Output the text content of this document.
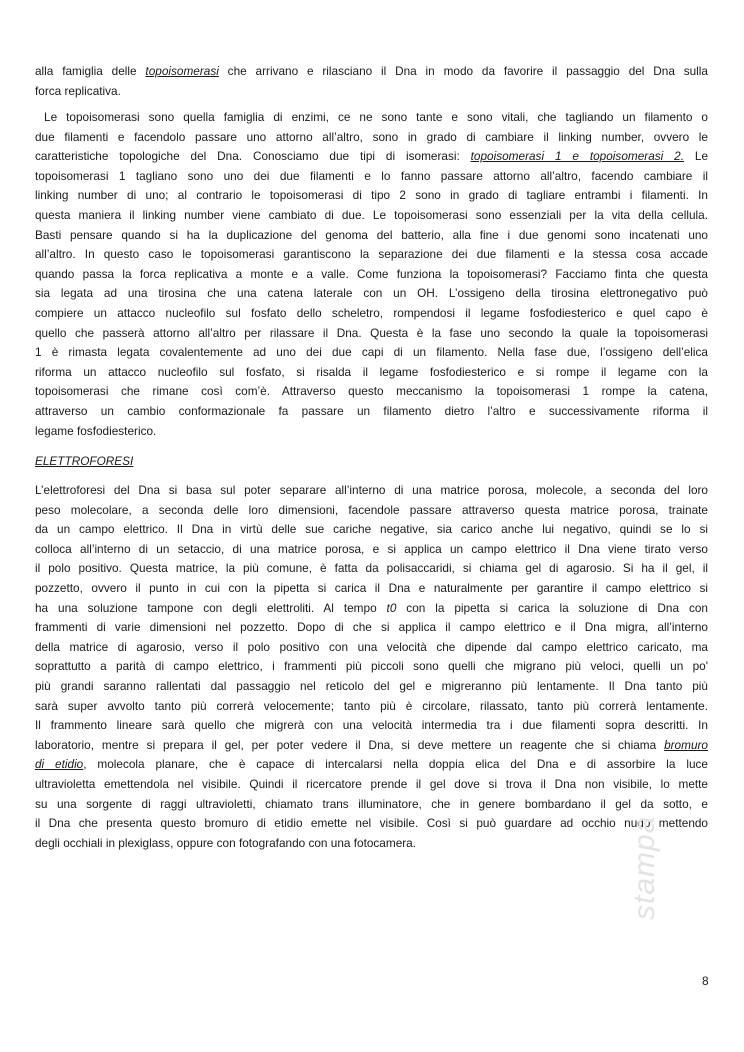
alla famiglia delle topoisomerasi che arrivano e rilasciano il Dna in modo da favorire il passaggio del Dna sulla
forca replicativa.
Le topoisomerasi sono quella famiglia di enzimi, ce ne sono tante e sono vitali, che tagliando un filamento o
due filamenti e facendolo passare uno attorno all’altro, sono in grado di cambiare il linking number, ovvero le
caratteristiche topologiche del Dna. Conosciamo due tipi di isomerasi: topoisomerasi 1 e topoisomerasi 2. Le
topoisomerasi 1 tagliano sono uno dei due filamenti e lo fanno passare attorno all’altro, facendo cambiare il
linking number di uno; al contrario le topoisomerasi di tipo 2 sono in grado di tagliare entrambi i filamenti. In
questa maniera il linking number viene cambiato di due. Le topoisomerasi sono essenziali per la vita della cellula.
Basti pensare quando si ha la duplicazione del genoma del batterio, alla fine i due genomi sono incatenati uno
all’altro. In questo caso le topoisomerasi garantiscono la separazione dei due filamenti e la stessa cosa accade
quando passa la forca replicativa a monte e a valle. Come funziona la topoisomerasi? Facciamo finta che questa
sia legata ad una tirosina che una catena laterale con un OH. L’ossigeno della tirosina elettronegativo può
compiere un attacco nucleofilo sul fosfato dello scheletro, rompendosi il legame fosfodiesterico e quel capo è
quello che passerà attorno all’altro per rilassare il Dna. Questa è la fase uno secondo la quale la topoisomerasi
1 è rimasta legata covalentemente ad uno dei due capi di un filamento. Nella fase due, l’ossigeno dell’elica
riforma un attacco nucleofilo sul fosfato, si risalda il legame fosfodiesterico e si rompe il legame con la
topoisomerasi che rimane così com’è. Attraverso questo meccanismo la topoisomerasi 1 rompe la catena,
attraverso un cambio conformazionale fa passare un filamento dietro l’altro e successivamente riforma il
legame fosfodiesterico.
ELETTROFORESI
L’elettroforesi del Dna si basa sul poter separare all’interno di una matrice porosa, molecole, a seconda del loro
peso molecolare, a seconda delle loro dimensioni, facendole passare attraverso questa matrice porosa, trainate
da un campo elettrico. Il Dna in virtù delle sue cariche negative, sia carico anche lui negativo, quindi se lo si
colloca all’interno di un setaccio, di una matrice porosa, e si applica un campo elettrico il Dna viene tirato verso
il polo positivo. Questa matrice, la più comune, è fatta da polisaccaridi, si chiama gel di agarosio. Si ha il gel, il
pozzetto, ovvero il punto in cui con la pipetta si carica il Dna e naturalmente per garantire il campo elettrico si
ha una soluzione tampone con degli elettroliti. Al tempo t0 con la pipetta si carica la soluzione di Dna con
frammenti di varie dimensioni nel pozzetto. Dopo di che si applica il campo elettrico e il Dna migra, all’interno
della matrice di agarosio, verso il polo positivo con una velocità che dipende dal campo elettrico caricato, ma
soprattutto a parità di campo elettrico, i frammenti più piccoli sono quelli che migrano più veloci, quelli un po'
più grandi saranno rallentati dal passaggio nel reticolo del gel e migreranno più lentamente. Il Dna tanto più
sarà super avvolto tanto più correrà velocemente; tanto più è circolare, rilassato, tanto più correrà lentamente.
Il frammento lineare sarà quello che migrerà con una velocità intermedia tra i due filamenti sopra descritti. In
laboratorio, mentre si prepara il gel, per poter vedere il Dna, si deve mettere un reagente che si chiama bromuro
di etidio, molecola planare, che è capace di intercalarsi nella doppia elica del Dna e di assorbire la luce
ultravioletta emettendola nel visibile. Quindi il ricercatore prende il gel dove si trova il Dna non visibile, lo mette
su una sorgente di raggi ultravioletti, chiamato trans illuminatore, che in genere bombardano il gel da sotto, e
il Dna che presenta questo bromuro di etidio emette nel visibile. Così si può guardare ad occhio nudo mettendo
degli occhiali in plexiglass, oppure con fotografando con una fotocamera.
8
stampa
